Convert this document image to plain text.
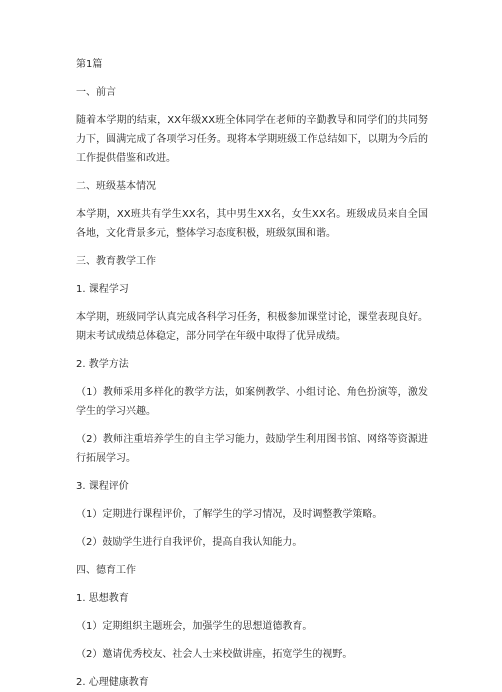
第1篇

一、前言

随着本学期的结束，XX年级XX班全体同学在老师的辛勤教导和同学们的共同努力下，圆满完成了各项学习任务。现将本学期班级工作总结如下，以期为今后的工作提供借鉴和改进。

二、班级基本情况

本学期，XX班共有学生XX名，其中男生XX名，女生XX名。班级成员来自全国各地，文化背景多元，整体学习态度积极，班级氛围和谐。

三、教育教学工作

1. 课程学习

本学期，班级同学认真完成各科学习任务，积极参加课堂讨论，课堂表现良好。期末考试成绩总体稳定，部分同学在年级中取得了优异成绩。

2. 教学方法

（1）教师采用多样化的教学方法，如案例教学、小组讨论、角色扮演等，激发学生的学习兴趣。

（2）教师注重培养学生的自主学习能力，鼓励学生利用图书馆、网络等资源进行拓展学习。

3. 课程评价

（1）定期进行课程评价，了解学生的学习情况，及时调整教学策略。

（2）鼓励学生进行自我评价，提高自我认知能力。

四、德育工作

1. 思想教育

（1）定期组织主题班会，加强学生的思想道德教育。

（2）邀请优秀校友、社会人士来校做讲座，拓宽学生的视野。

2. 心理健康教育
